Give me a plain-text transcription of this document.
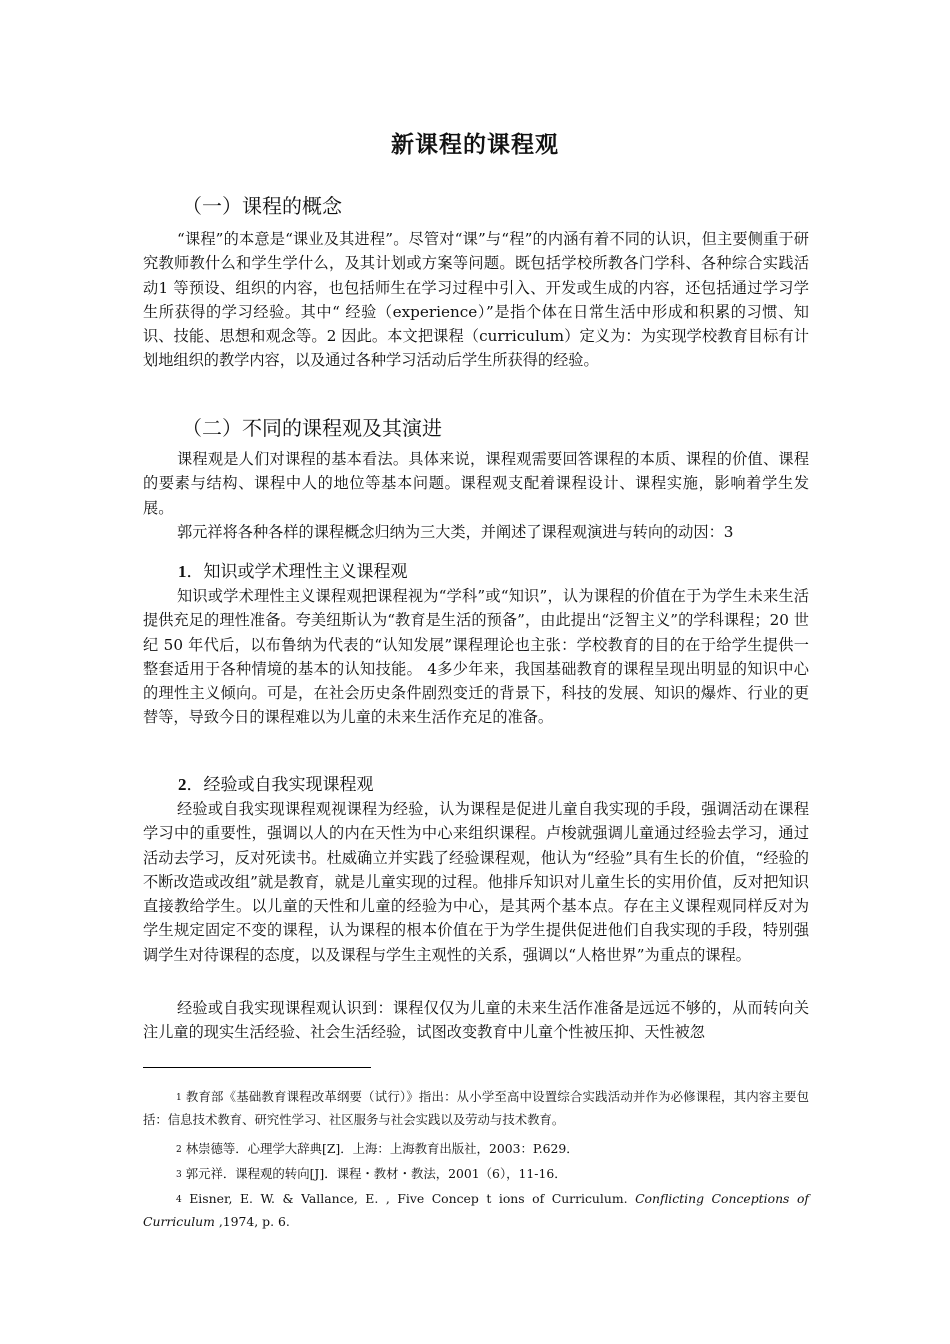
新课程的课程观
（一）课程的概念

“课程”的本意是“课业及其进程”。尽管对“课”与“程”的内涵有着不同的认识，但主要侧重于研究教师教什么和学生学什么，及其计划或方案等问题。既包括学校所教各门学科、各种综合实践活动1 等预设、组织的内容，也包括师生在学习过程中引入、开发或生成的内容，还包括通过学习学生所获得的学习经验。其中“ 经验（experience）”是指个体在日常生活中形成和积累的习惯、知识、技能、思想和观念等。2 因此。本文把课程（curriculum）定义为：为实现学校教育目标有计划地组织的教学内容，以及通过各种学习活动后学生所获得的经验。

（二）不同的课程观及其演进

课程观是人们对课程的基本看法。具体来说，课程观需要回答课程的本质、课程的价值、课程的要素与结构、课程中人的地位等基本问题。课程观支配着课程设计、课程实施，影响着学生发展。

郭元祥将各种各样的课程概念归纳为三大类，并阐述了课程观演进与转向的动因：3

1．知识或学术理性主义课程观

知识或学术理性主义课程观把课程视为“学科”或“知识”，认为课程的价值在于为学生未来生活提供充足的理性准备。夸美纽斯认为“教育是生活的预备”，由此提出“泛智主义”的学科课程；20 世纪 50 年代后，以布鲁纳为代表的“认知发展”课程理论也主张：学校教育的目的在于给学生提供一整套适用于各种情境的基本的认知技能。 4多少年来，我国基础教育的课程呈现出明显的知识中心的理性主义倾向。可是，在社会历史条件剧烈变迁的背景下，科技的发展、知识的爆炸、行业的更替等，导致今日的课程难以为儿童的未来生活作充足的准备。

2．经验或自我实现课程观

经验或自我实现课程观视课程为经验，认为课程是促进儿童自我实现的手段，强调活动在课程学习中的重要性，强调以人的内在天性为中心来组织课程。卢梭就强调儿童通过经验去学习，通过活动去学习，反对死读书。杜威确立并实践了经验课程观，他认为“经验”具有生长的价值，“经验的不断改造或改组”就是教育，就是儿童实现的过程。他排斥知识对儿童生长的实用价值，反对把知识直接教给学生。以儿童的天性和儿童的经验为中心，是其两个基本点。存在主义课程观同样反对为学生规定固定不变的课程，认为课程的根本价值在于为学生提供促进他们自我实现的手段，特别强调学生对待课程的态度，以及课程与学生主观性的关系，强调以“人格世界”为重点的课程。

经验或自我实现课程观认识到：课程仅仅为儿童的未来生活作准备是远远不够的，从而转向关注儿童的现实生活经验、社会生活经验，试图改变教育中儿童个性被压抑、天性被忽

1 教育部《基础教育课程改革纲要（试行）》指出：从小学至高中设置综合实践活动并作为必修课程，其内容主要包括：信息技术教育、研究性学习、社区服务与社会实践以及劳动与技术教育。

2 林崇德等．心理学大辞典[Z]．上海：上海教育出版社，2003：P.629．

3 郭元祥．课程观的转向[J]．课程・教材・教法，2001（6），11-16．

4 Eisner, E. W. & Vallance, E. , Five Concep t ions of Curriculum. Conflicting Conceptions of Curriculum ,1974, p. 6.
